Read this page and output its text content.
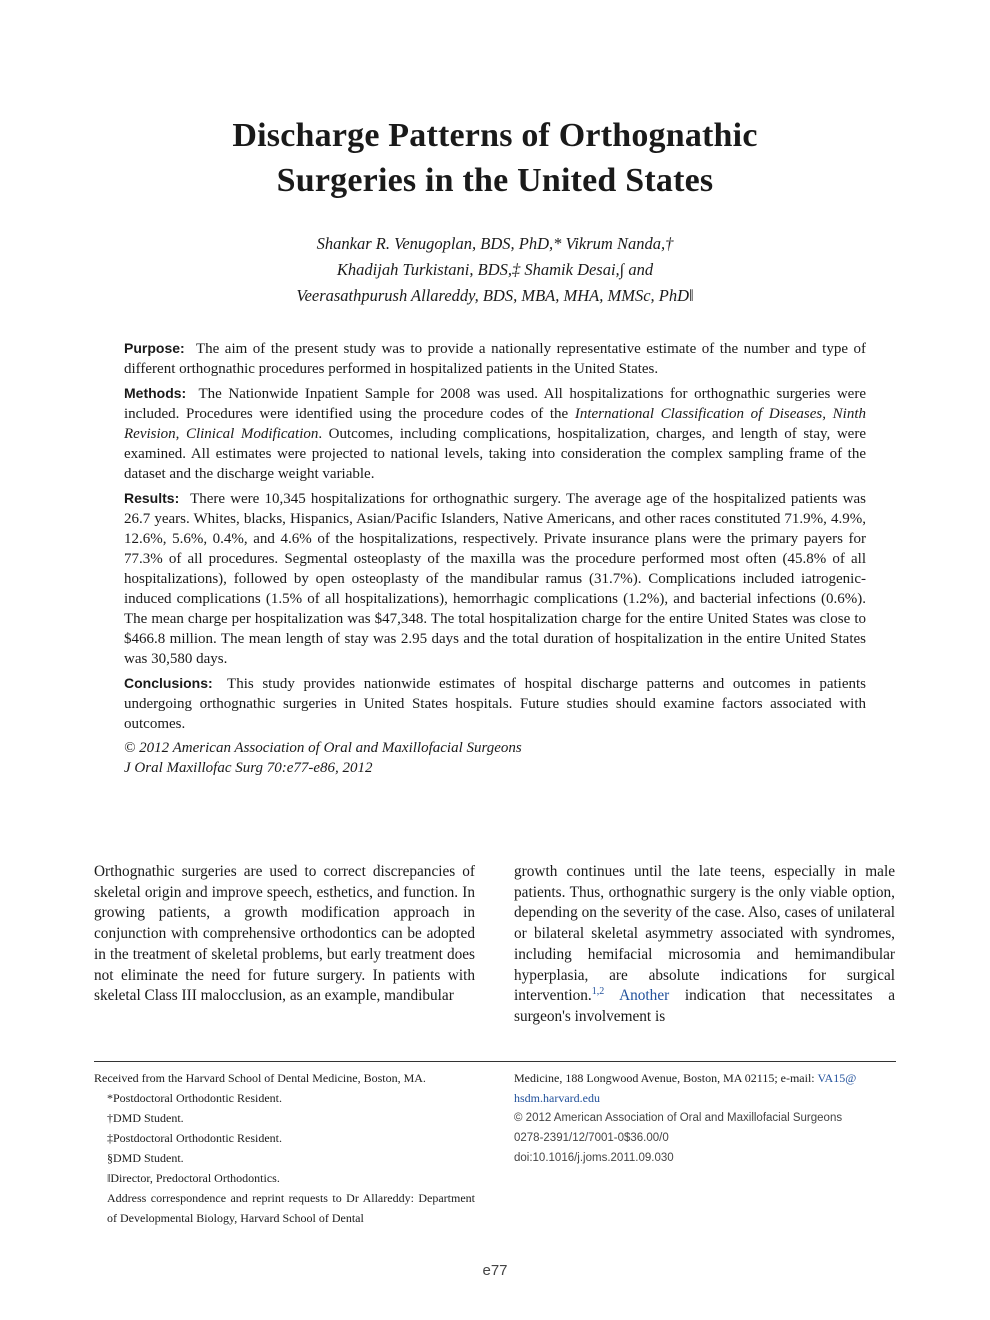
Discharge Patterns of Orthognathic
Surgeries in the United States
Shankar R. Venugoplan, BDS, PhD,* Vikrum Nanda,†
Khadijah Turkistani, BDS,‡ Shamik Desai,∫ and
Veerasathpurush Allareddy, BDS, MBA, MHA, MMSc, PhD‖

Purpose: The aim of the present study was to provide a nationally representative estimate of the number and type of different orthognathic procedures performed in hospitalized patients in the United States.

Methods: The Nationwide Inpatient Sample for 2008 was used. All hospitalizations for orthognathic surgeries were included. Procedures were identified using the procedure codes of the International Classification of Diseases, Ninth Revision, Clinical Modification. Outcomes, including complications, hospitalization, charges, and length of stay, were examined. All estimates were projected to national levels, taking into consideration the complex sampling frame of the dataset and the discharge weight variable.

Results: There were 10,345 hospitalizations for orthognathic surgery. The average age of the hospitalized patients was 26.7 years. Whites, blacks, Hispanics, Asian/Pacific Islanders, Native Americans, and other races constituted 71.9%, 4.9%, 12.6%, 5.6%, 0.4%, and 4.6% of the hospitalizations, respectively. Private insurance plans were the primary payers for 77.3% of all procedures. Segmental osteoplasty of the maxilla was the procedure performed most often (45.8% of all hospitalizations), followed by open osteoplasty of the mandibular ramus (31.7%). Complications included iatrogenic-induced complications (1.5% of all hospitalizations), hemorrhagic complications (1.2%), and bacterial infections (0.6%). The mean charge per hospitalization was $47,348. The total hospitalization charge for the entire United States was close to $466.8 million. The mean length of stay was 2.95 days and the total duration of hospitalization in the entire United States was 30,580 days.

Conclusions: This study provides nationwide estimates of hospital discharge patterns and outcomes in patients undergoing orthognathic surgeries in United States hospitals. Future studies should examine factors associated with outcomes.

© 2012 American Association of Oral and Maxillofacial Surgeons

J Oral Maxillofac Surg 70:e77-e86, 2012

Orthognathic surgeries are used to correct discrepancies of skeletal origin and improve speech, esthetics, and function. In growing patients, a growth modification approach in conjunction with comprehensive orthodontics can be adopted in the treatment of skeletal problems, but early treatment does not eliminate the need for future surgery. In patients with skeletal Class III malocclusion, as an example, mandibular

growth continues until the late teens, especially in male patients. Thus, orthognathic surgery is the only viable option, depending on the severity of the case. Also, cases of unilateral or bilateral skeletal asymmetry associated with syndromes, including hemifacial microsomia and hemimandibular hyperplasia, are absolute indications for surgical intervention.$^{1,2}$ Another indication that necessitates a surgeon's involvement is

Received from the Harvard School of Dental Medicine, Boston, MA.
*Postdoctoral Orthodontic Resident.
†DMD Student.
‡Postdoctoral Orthodontic Resident.
§DMD Student.
‖Director, Predoctoral Orthodontics.
Address correspondence and reprint requests to Dr Allareddy: Department of Developmental Biology, Harvard School of Dental
Medicine, 188 Longwood Avenue, Boston, MA 02115; e-mail: VA15@
hsdm.harvard.edu
© 2012 American Association of Oral and Maxillofacial Surgeons
0278-2391/12/7001-0$36.00/0
doi:10.1016/j.joms.2011.09.030
e77
